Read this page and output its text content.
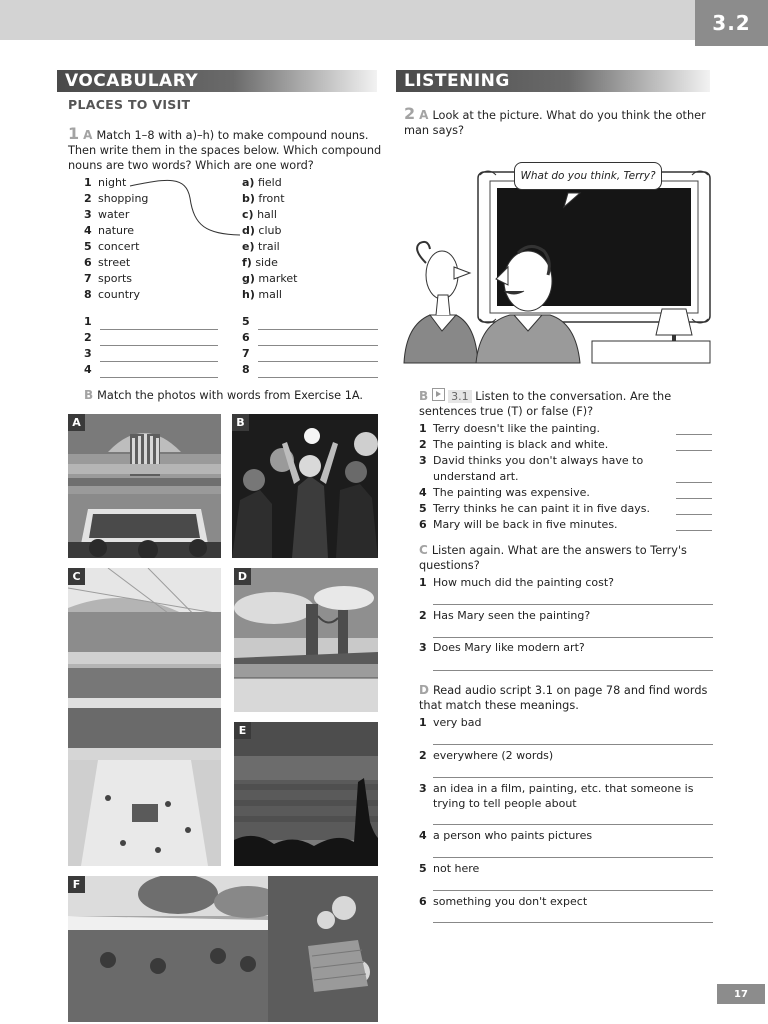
3.2
VOCABULARY
PLACES TO VISIT
1 A Match 1–8 with a)–h) to make compound nouns. Then write them in the spaces below. Which compound nouns are two words? Which are one word?
1 night
2 shopping
3 water
4 nature
5 concert
6 street
7 sports
8 country
a) field
b) front
c) hall
d) club
e) trail
f) side
g) market
h) mall
1
2
3
4
5
6
7
8
B Match the photos with words from Exercise 1A.
A	B
C	D
E
F
LISTENING
2 A Look at the picture. What do you think the other man says?
What do you think, Terry?
B 3.1 Listen to the conversation. Are the sentences true (T) or false (F)?
1 Terry doesn't like the painting.
2 The painting is black and white.
3 David thinks you don't always have to
understand art.
4 The painting was expensive.
5 Terry thinks he can paint it in five days.
6 Mary will be back in five minutes.
C Listen again. What are the answers to Terry's questions?
1 How much did the painting cost?
2 Has Mary seen the painting?
3 Does Mary like modern art?
D Read audio script 3.1 on page 78 and find words that match these meanings.
1 very bad
2 everywhere (2 words)
3 an idea in a film, painting, etc. that someone is
trying to tell people about
4 a person who paints pictures
5 not here
6 something you don't expect
17
